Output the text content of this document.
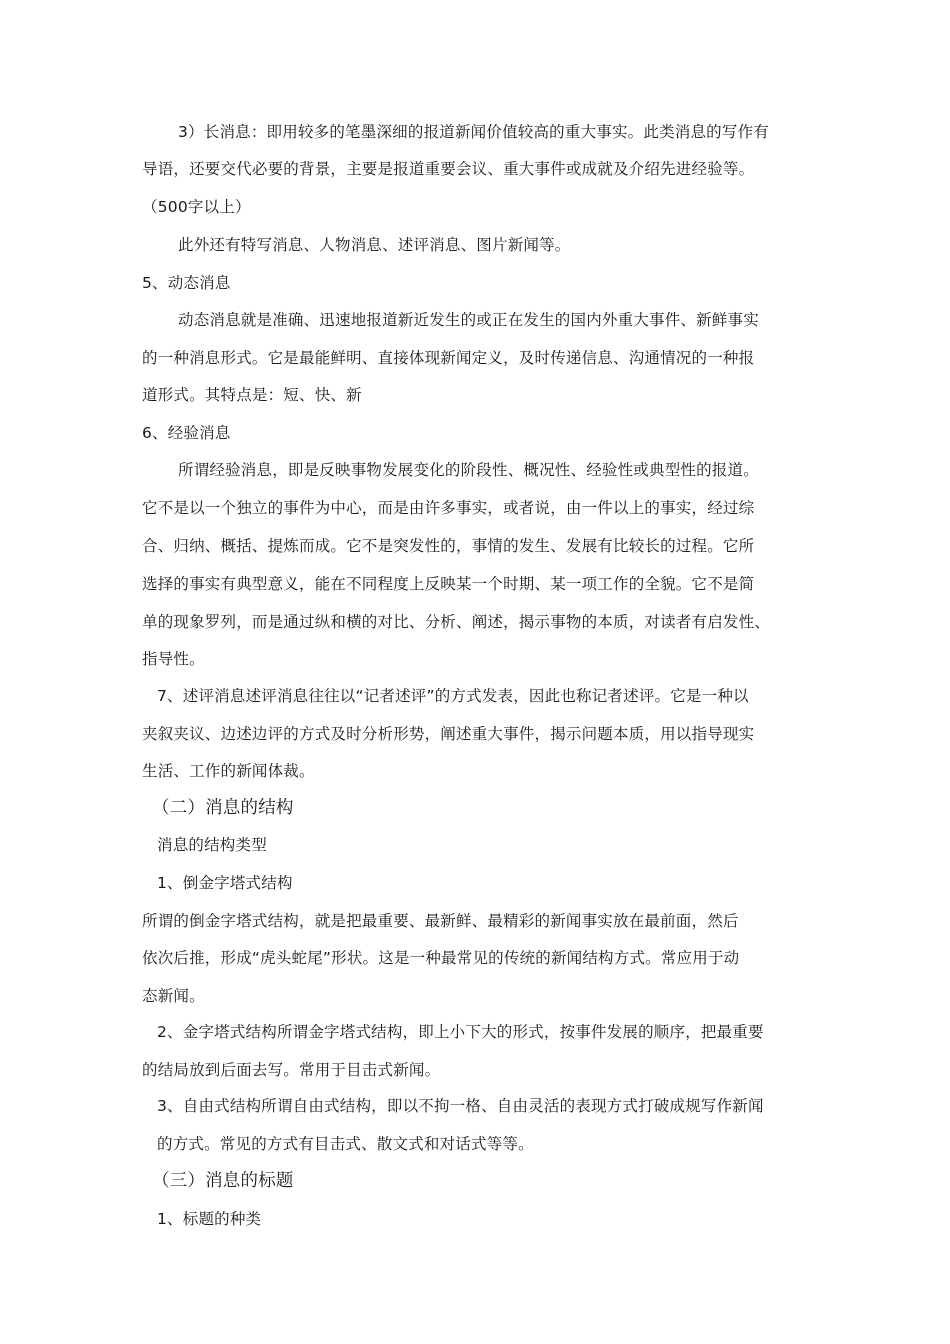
3）长消息：即用较多的笔墨深细的报道新闻价值较高的重大事实。此类消息的写作有
导语，还要交代必要的背景，主要是报道重要会议、重大事件或成就及介绍先进经验等。
（500字以上）
此外还有特写消息、人物消息、述评消息、图片新闻等。
5、动态消息
动态消息就是准确、迅速地报道新近发生的或正在发生的国内外重大事件、新鲜事实
的一种消息形式。它是最能鲜明、直接体现新闻定义，及时传递信息、沟通情况的一种报
道形式。其特点是：短、快、新
6、经验消息
所谓经验消息，即是反映事物发展变化的阶段性、概况性、经验性或典型性的报道。
它不是以一个独立的事件为中心，而是由许多事实，或者说，由一件以上的事实，经过综
合、归纳、概括、提炼而成。它不是突发性的，事情的发生、发展有比较长的过程。它所
选择的事实有典型意义，能在不同程度上反映某一个时期、某一项工作的全貌。它不是简
单的现象罗列，而是通过纵和横的对比、分析、阐述，揭示事物的本质，对读者有启发性、
指导性。
7、述评消息述评消息往往以“记者述评”的方式发表，因此也称记者述评。它是一种以
夹叙夹议、边述边评的方式及时分析形势，阐述重大事件，揭示问题本质，用以指导现实
生活、工作的新闻体裁。
（二）消息的结构
消息的结构类型
1、倒金字塔式结构
所谓的倒金字塔式结构，就是把最重要、最新鲜、最精彩的新闻事实放在最前面，然后
依次后推，形成“虎头蛇尾”形状。这是一种最常见的传统的新闻结构方式。常应用于动
态新闻。
2、金字塔式结构所谓金字塔式结构，即上小下大的形式，按事件发展的顺序，把最重要
的结局放到后面去写。常用于目击式新闻。
3、自由式结构所谓自由式结构，即以不拘一格、自由灵活的表现方式打破成规写作新闻
的方式。常见的方式有目击式、散文式和对话式等等。
（三）消息的标题
1、标题的种类
